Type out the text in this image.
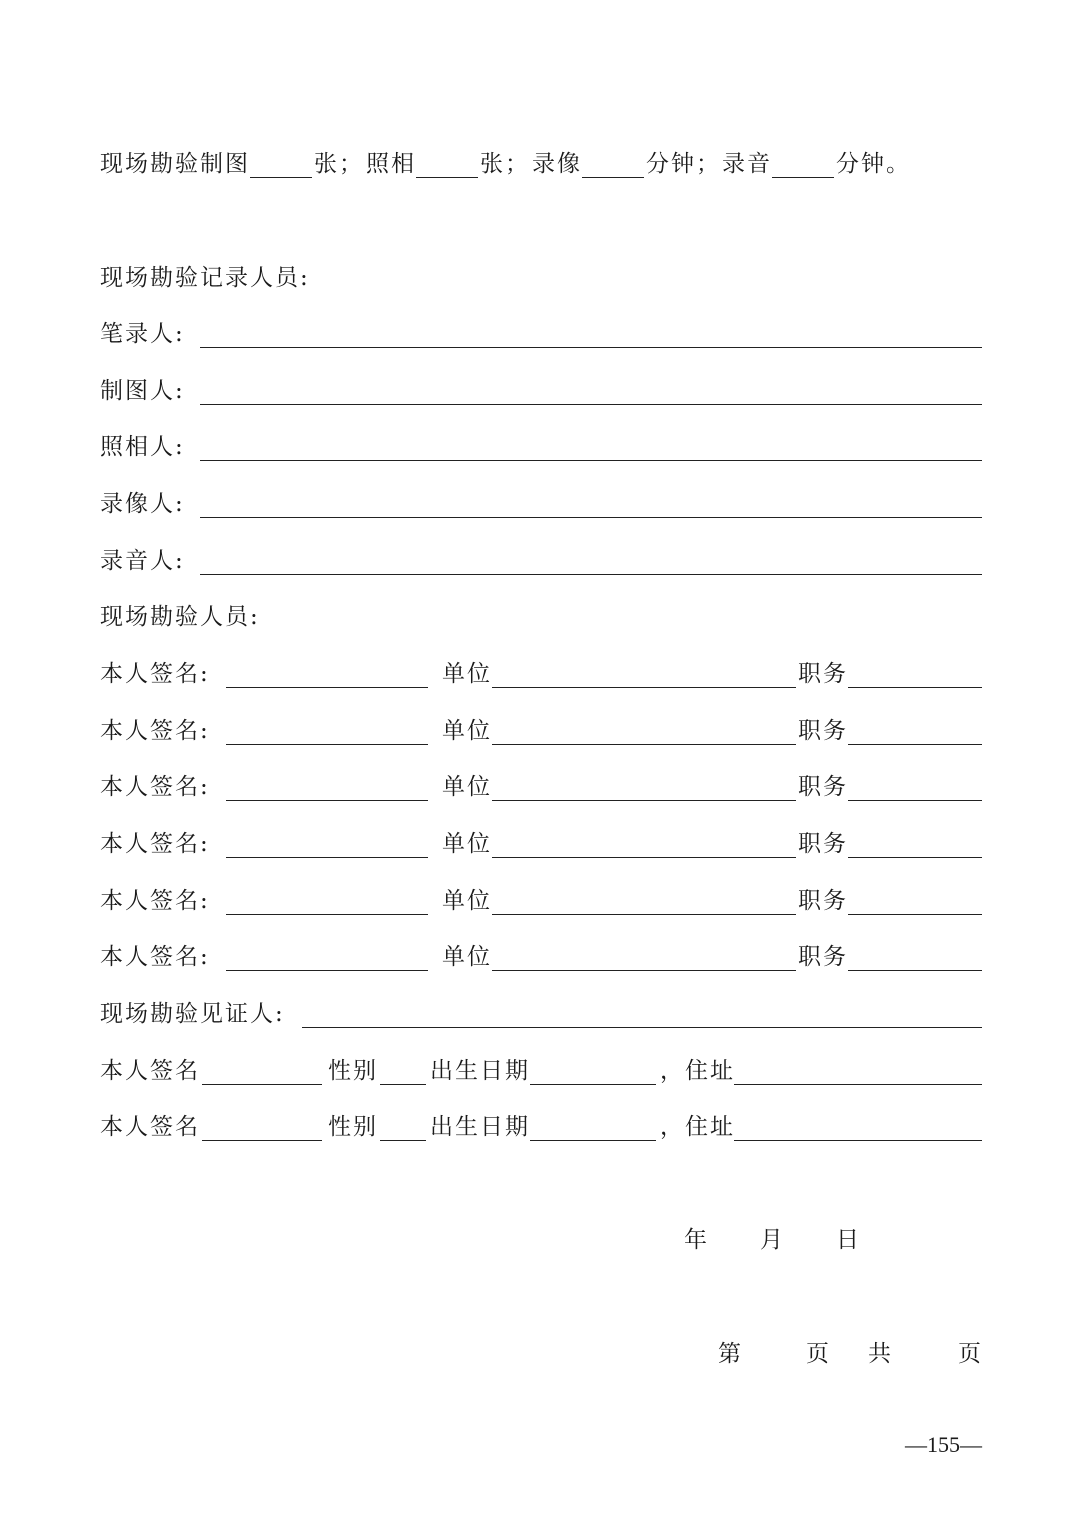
现场勘验制图	张； 照相	张； 录像	分钟； 录音	分钟。
现场勘验记录人员:
笔录人:
制图人:
照相人:
录像人:
录音人:
现场勘验人员:
本人签名:	单位	职务
本人签名:	单位	职务
本人签名:	单位	职务
本人签名:	单位	职务
本人签名:	单位	职务
本人签名:	单位	职务
现场勘验见证人:
本人签名	性别 出生日期	，住址
本人签名	性别 出生日期	，住址
年 月 日
第	页 共	页
—155—
